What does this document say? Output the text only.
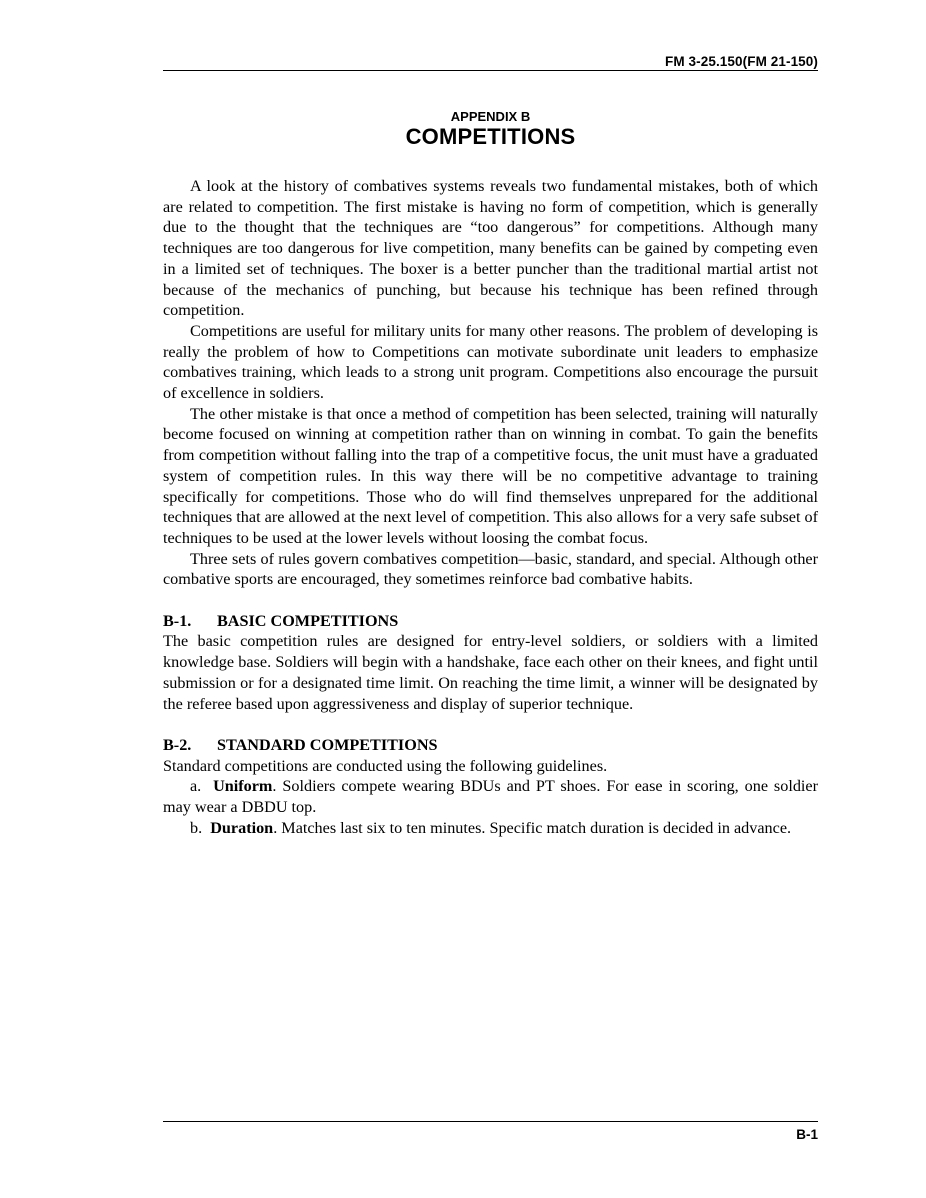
FM 3-25.150(FM 21-150)
APPENDIX B
COMPETITIONS

A look at the history of combatives systems reveals two fundamental mistakes, both of which are related to competition. The first mistake is having no form of competition, which is generally due to the thought that the techniques are “too dangerous” for competitions. Although many techniques are too dangerous for live competition, many benefits can be gained by competing even in a limited set of techniques. The boxer is a better puncher than the traditional martial artist not because of the mechanics of punching, but because his technique has been refined through competition.

Competitions are useful for military units for many other reasons. The problem of developing is really the problem of how to Competitions can motivate subordinate unit leaders to emphasize combatives training, which leads to a strong unit program. Competitions also encourage the pursuit of excellence in soldiers.

The other mistake is that once a method of competition has been selected, training will naturally become focused on winning at competition rather than on winning in combat. To gain the benefits from competition without falling into the trap of a competitive focus, the unit must have a graduated system of competition rules. In this way there will be no competitive advantage to training specifically for competitions. Those who do will find themselves unprepared for the additional techniques that are allowed at the next level of competition. This also allows for a very safe subset of techniques to be used at the lower levels without loosing the combat focus.

Three sets of rules govern combatives competition—basic, standard, and special. Although other combative sports are encouraged, they sometimes reinforce bad combative habits.

B-1. BASIC COMPETITIONS

The basic competition rules are designed for entry-level soldiers, or soldiers with a limited knowledge base. Soldiers will begin with a handshake, face each other on their knees, and fight until submission or for a designated time limit. On reaching the time limit, a winner will be designated by the referee based upon aggressiveness and display of superior technique.

B-2. STANDARD COMPETITIONS

Standard competitions are conducted using the following guidelines.

a. Uniform. Soldiers compete wearing BDUs and PT shoes. For ease in scoring, one soldier may wear a DBDU top.

b. Duration. Matches last six to ten minutes. Specific match duration is decided in advance.

B-1
